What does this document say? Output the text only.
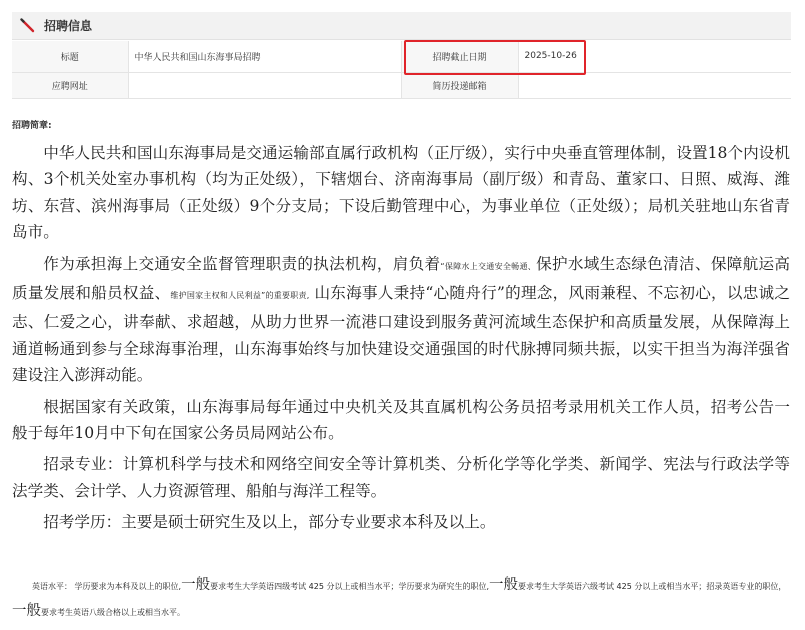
招聘信息
标题	中华人民共和国山东海事局招聘	招聘截止日期	2025-10-26
应聘网址		简历投递邮箱	
招聘简章:

中华人民共和国山东海事局是交通运输部直属行政机构（正厅级），实行中央垂直管理体制，设置18个内设机构、3个机关处室办事机构（均为正处级），下辖烟台、济南海事局（副厅级）和青岛、董家口、日照、威海、潍坊、东营、滨州海事局（正处级）9个分支局；下设后勤管理中心，为事业单位（正处级）；局机关驻地山东省青岛市。

作为承担海上交通安全监督管理职责的执法机构，肩负着“保障水上交通安全畅通、保护水域生态绿色清洁、保障航运高质量发展和船员权益、维护国家主权和人民利益”的重要职责, 山东海事人秉持“心随舟行”的理念，风雨兼程、不忘初心，以忠诚之志、仁爱之心，讲奉献、求超越，从助力世界一流港口建设到服务黄河流域生态保护和高质量发展，从保障海上通道畅通到参与全球海事治理，山东海事始终与加快建设交通强国的时代脉搏同频共振，以实干担当为海洋强省建设注入澎湃动能。

根据国家有关政策，山东海事局每年通过中央机关及其直属机构公务员招考录用机关工作人员，招考公告一般于每年10月中下旬在国家公务员局网站公布。

招录专业：计算机科学与技术和网络空间安全等计算机类、分析化学等化学类、新闻学、宪法与行政法学等法学类、会计学、人力资源管理、船舶与海洋工程等。

招考学历：主要是硕士研究生及以上，部分专业要求本科及以上。

英语水平： 学历要求为本科及以上的职位,一般要求考生大学英语四级考试 425 分以上或相当水平；学历要求为研究生的职位,一般要求考生大学英语六级考试 425 分以上或相当水平；招录英语专业的职位，一般要求考生英语八级合格以上或相当水平。
